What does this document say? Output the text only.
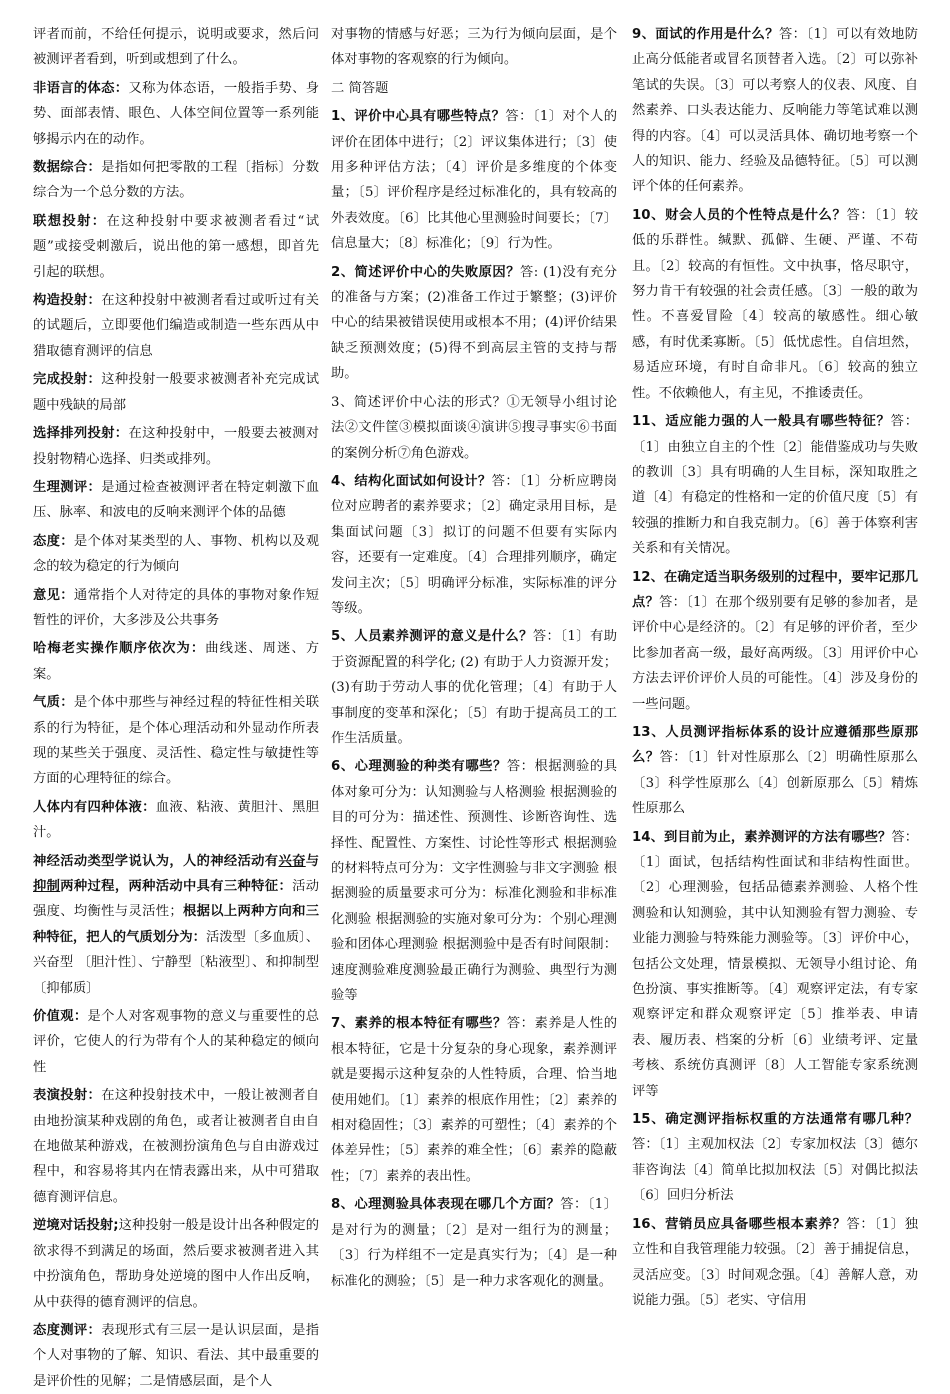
评者而前，不给任何提示，说明或要求，然后问被测评者看到，听到或想到了什么。

非语言的体态：又称为体态语，一般指手势、身势、面部表情、眼色、人体空间位置等一系列能够揭示内在的动作。

数据综合：是指如何把零散的工程〔指标〕分数综合为一个总分数的方法。

联想投射：在这种投射中要求被测者看过“试题”或接受刺激后，说出他的第一感想，即首先引起的联想。

构造投射：在这种投射中被测者看过或听过有关的试题后，立即要他们编造或制造一些东西从中猎取德育测评的信息

完成投射：这种投射一般要求被测者补充完成试题中残缺的局部

选择排列投射：在这种投射中，一般要去被测对投射物精心选择、归类或排列。

生理测评：是通过检查被测评者在特定刺激下血压、脉率、和波电的反响来测评个体的品德

态度：是个体对某类型的人、事物、机构以及观念的较为稳定的行为倾向

意见：通常指个人对待定的具体的事物对象作短暂性的评价，大多涉及公共事务

哈梅老实操作顺序依次为：曲线迷、周迷、方案。

气质：是个体中那些与神经过程的特征性相关联系的行为特征，是个体心理活动和外显动作所表现的某些关于强度、灵活性、稳定性与敏捷性等方面的心理特征的综合。

人体内有四种体液：血液、粘液、黄胆汁、黑胆汁。

神经活动类型学说认为，人的神经活动有兴奋与抑制两种过程，两种活动中具有三种特征：活动强度、均衡性与灵活性；根据以上两种方向和三种特征，把人的气质划分为：活泼型〔多血质〕、兴奋型 〔胆汁性〕、宁静型〔粘液型〕、和抑制型〔抑郁质〕

价值观：是个人对客观事物的意义与重要性的总评价，它使人的行为带有个人的某种稳定的倾向性

表演投射：在这种投射技术中，一般让被测者自由地扮演某种戏剧的角色，或者让被测者自由自在地做某种游戏，在被测扮演角色与自由游戏过程中，和容易将其内在情表露出来，从中可猎取德育测评信息。

逆境对话投射;这种投射一般是设计出各种假定的欲求得不到满足的场面，然后要求被测者进入其中扮演角色，帮助身处逆境的图中人作出反响，从中获得的德育测评的信息。

态度测评：表现形式有三层一是认识层面，是指个人对事物的了解、知识、看法、其中最重要的是评价性的见解；二是情感层面，是个人

对事物的情感与好恶；三为行为倾向层面，是个体对事物的客观察的行为倾向。

二 简答题

1、评价中心具有哪些特点？答：〔1〕对个人的评价在团体中进行；〔2〕评议集体进行；〔3〕使用多种评估方法；〔4〕评价是多维度的个体变量；〔5〕评价程序是经过标准化的，具有较高的外表效度。〔6〕比其他心里测验时间要长；〔7〕信息量大；〔8〕标准化；〔9〕行为性。

2、简述评价中心的失败原因？答: (1)没有充分的准备与方案；(2)准备工作过于繁整；(3)评价中心的结果被错误使用或根本不用；(4)评价结果缺乏预测效度；(5)得不到高层主管的支持与帮助。

3、简述评价中心法的形式？①无领导小组讨论法②文件筐③模拟面谈④演讲⑤搜寻事实⑥书面的案例分析⑦角色游戏。

4、结构化面试如何设计？答：〔1〕分析应聘岗位对应聘者的素养要求；〔2〕确定录用目标，是集面试问题〔3〕拟订的问题不但要有实际内容，还要有一定难度。〔4〕合理排列顺序，确定发问主次；〔5〕明确评分标准，实际标准的评分等级。

5、人员素养测评的意义是什么？答：〔1〕有助于资源配置的科学化; (2) 有助于人力资源开发；(3)有助于劳动人事的优化管理；〔4〕有助于人事制度的变革和深化；〔5〕有助于提高员工的工作生活质量。

6、心理测验的种类有哪些？答：根据测验的具体对象可分为：认知测验与人格测验 根据测验的目的可分为：描述性、预测性、诊断咨询性、选择性、配置性、方案性、讨论性等形式 根据测验的材料特点可分为：文字性测验与非文字测验 根据测验的质量要求可分为：标准化测验和非标准化测验 根据测验的实施对象可分为：个别心理测验和团体心理测验 根据测验中是否有时间限制：速度测验难度测验最正确行为测验、典型行为测验等

7、素养的根本特征有哪些？答：素养是人性的根本特征，它是十分复杂的身心现象，素养测评就是要揭示这种复杂的人性特质，合理、恰当地使用她们。〔1〕素养的根底作用性；〔2〕素养的相对稳固性；〔3〕素养的可塑性；〔4〕素养的个体差异性；〔5〕素养的难全性；〔6〕素养的隐蔽性；〔7〕素养的表出性。

8、心理测验具体表现在哪几个方面？答：〔1〕是对行为的测量；〔2〕是对一组行为的测量；〔3〕行为样组不一定是真实行为；〔4〕是一种标准化的测验；〔5〕是一种力求客观化的测量。

9、面试的作用是什么？答：〔1〕可以有效地防止高分低能者或冒名顶替者入选。〔2〕可以弥补笔试的失误。〔3〕可以考察人的仪表、风度、自然素养、口头表达能力、反响能力等笔试难以测得的内容。〔4〕可以灵活具体、确切地考察一个人的知识、能力、经验及品德特征。〔5〕可以测评个体的任何素养。

10、财会人员的个性特点是什么？答：〔1〕较低的乐群性。缄默、孤僻、生硬、严谨、不苟且。〔2〕较高的有恒性。文中执事，恪尽职守，努力肯干有较强的社会责任感。〔3〕一般的敢为性。不喜爱冒险〔4〕较高的敏感性。细心敏感，有时优柔寡断。〔5〕低忧虑性。自信坦然，易适应环境，有时自命非凡。〔6〕较高的独立性。不依赖他人，有主见，不推诿责任。

11、适应能力强的人一般具有哪些特征？答：〔1〕由独立自主的个性〔2〕能借鉴成功与失败的教训〔3〕具有明确的人生目标，深知取胜之道〔4〕有稳定的性格和一定的价值尺度〔5〕有较强的推断力和自我克制力。〔6〕善于体察利害关系和有关情况。

12、在确定适当职务级别的过程中，要牢记那几点？答：〔1〕在那个级别要有足够的参加者，是评价中心是经济的。〔2〕有足够的评价者，至少比参加者高一级，最好高两级。〔3〕用评价中心方法去评价评价人员的可能性。〔4〕涉及身份的一些问题。

13、人员测评指标体系的设计应遵循那些原那么？答：〔1〕针对性原那么〔2〕明确性原那么〔3〕科学性原那么〔4〕创新原那么〔5〕精炼性原那么

14、到目前为止，素养测评的方法有哪些？答：〔1〕面试，包括结构性面试和非结构性面世。〔2〕心理测验，包括品德素养测验、人格个性测验和认知测验，其中认知测验有智力测验、专业能力测验与特殊能力测验等。〔3〕评价中心，包括公文处理，情景模拟、无领导小组讨论、角色扮演、事实推断等。〔4〕观察评定法，有专家观察评定和群众观察评定〔5〕推举表、申请表、履历表、档案的分析〔6〕业绩考评、定量考核、系统仿真测评〔8〕人工智能专家系统测评等

15、确定测评指标权重的方法通常有哪几种？答：〔1〕主观加权法〔2〕专家加权法〔3〕德尔菲咨询法〔4〕简单比拟加权法〔5〕对偶比拟法〔6〕回归分析法

16、营销员应具备哪些根本素养？答：〔1〕独立性和自我管理能力较强。〔2〕善于捕捉信息，灵活应变。〔3〕时间观念强。〔4〕善解人意，劝说能力强。〔5〕老实、守信用
